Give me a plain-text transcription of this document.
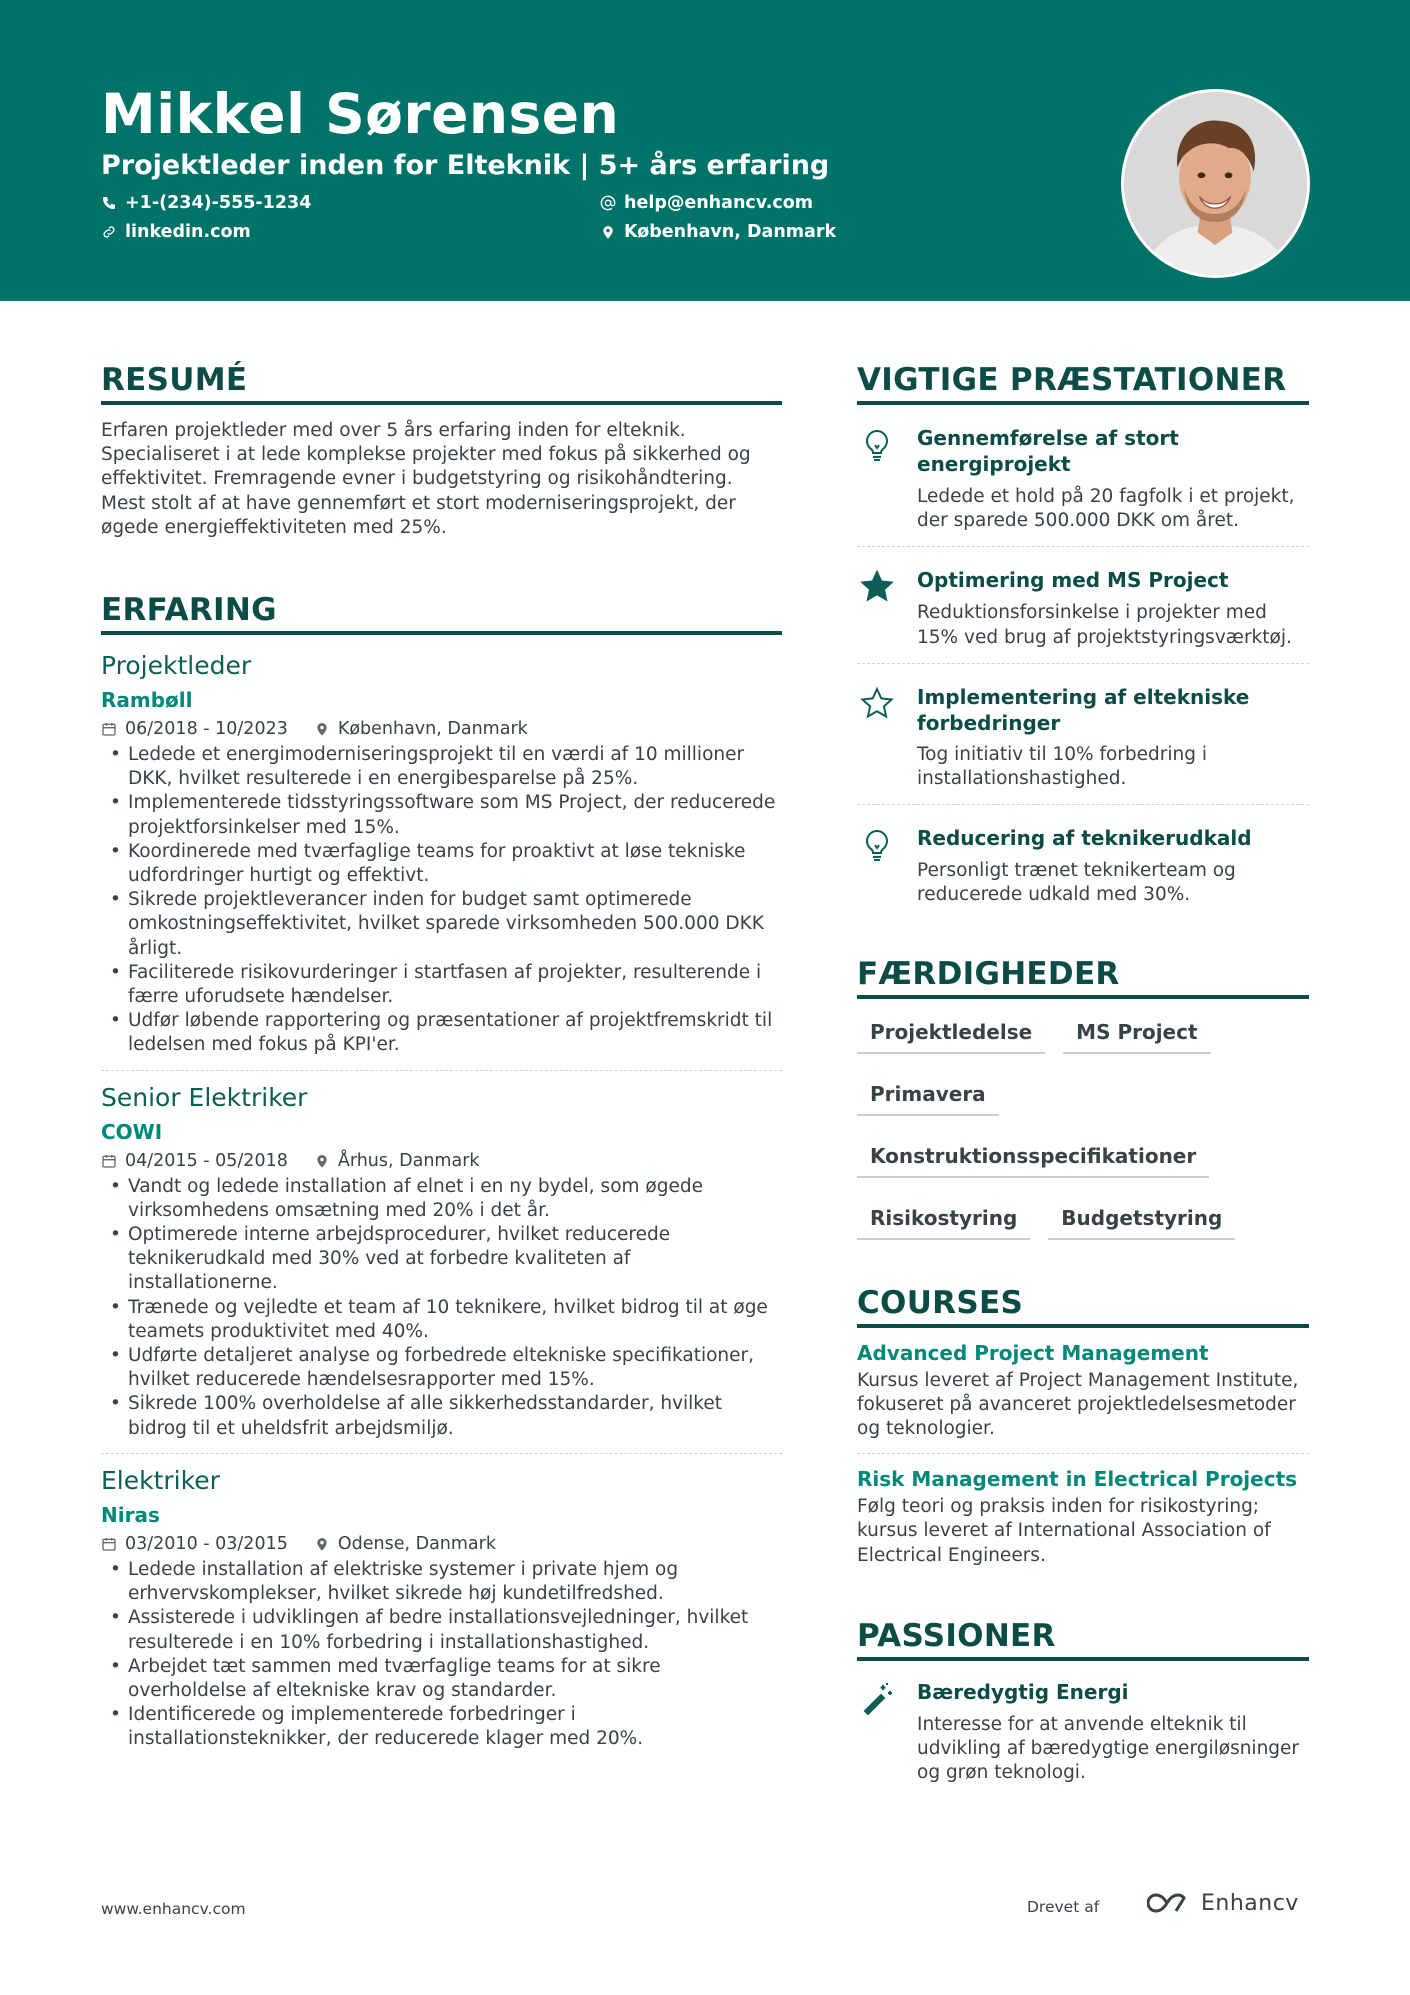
Mikkel Sørensen
Projektleder inden for Elteknik | 5+ års erfaring
+1-(234)-555-1234
linkedin.com
help@enhancv.com
København, Danmark
RESUMÉ

Erfaren projektleder med over 5 års erfaring inden for elteknik. Specialiseret i at lede komplekse projekter med fokus på sikkerhed og effektivitet. Fremragende evner i budgetstyring og risikohåndtering. Mest stolt af at have gennemført et stort moderniseringsprojekt, der øgede energieffektiviteten med 25%.

ERFARING
Projektleder
Rambøll
06/2018 - 10/2023	København, Danmark
• Ledede et energimoderniseringsprojekt til en værdi af 10 millioner DKK, hvilket resulterede i en energibesparelse på 25%.
• Implementerede tidsstyringssoftware som MS Project, der reducerede projektforsinkelser med 15%.
• Koordinerede med tværfaglige teams for proaktivt at løse tekniske udfordringer hurtigt og effektivt.
• Sikrede projektleverancer inden for budget samt optimerede omkostningseffektivitet, hvilket sparede virksomheden 500.000 DKK årligt.
• Faciliterede risikovurderinger i startfasen af projekter, resulterende i færre uforudsete hændelser.
• Udfør løbende rapportering og præsentationer af projektfremskridt til ledelsen med fokus på KPI'er.
Senior Elektriker
COWI
04/2015 - 05/2018	Århus, Danmark
• Vandt og ledede installation af elnet i en ny bydel, som øgede virksomhedens omsætning med 20% i det år.
• Optimerede interne arbejdsprocedurer, hvilket reducerede teknikerudkald med 30% ved at forbedre kvaliteten af installationerne.
• Trænede og vejledte et team af 10 teknikere, hvilket bidrog til at øge teamets produktivitet med 40%.
• Udførte detaljeret analyse og forbedrede eltekniske specifikationer, hvilket reducerede hændelsesrapporter med 15%.
• Sikrede 100% overholdelse af alle sikkerhedsstandarder, hvilket bidrog til et uheldsfrit arbejdsmiljø.
Elektriker
Niras
03/2010 - 03/2015	Odense, Danmark
• Ledede installation af elektriske systemer i private hjem og erhvervskomplekser, hvilket sikrede høj kundetilfredshed.
• Assisterede i udviklingen af bedre installationsvejledninger, hvilket resulterede i en 10% forbedring i installationshastighed.
• Arbejdet tæt sammen med tværfaglige teams for at sikre overholdelse af eltekniske krav og standarder.
• Identificerede og implementerede forbedringer i installationsteknikker, der reducerede klager med 20%.
VIGTIGE PRÆSTATIONER
Gennemførelse af stort energiprojekt
Ledede et hold på 20 fagfolk i et projekt, der sparede 500.000 DKK om året.
Optimering med MS Project
Reduktionsforsinkelse i projekter med 15% ved brug af projektstyringsværktøj.
Implementering af eltekniske forbedringer
Tog initiativ til 10% forbedring i installationshastighed.
Reducering af teknikerudkald
Personligt trænet teknikerteam og reducerede udkald med 30%.
FÆRDIGHEDER
Projektledelse	MS Project
Primavera
Konstruktionsspecifikationer
Risikostyring	Budgetstyring
COURSES
Advanced Project Management
Kursus leveret af Project Management Institute, fokuseret på avanceret projektledelsesmetoder og teknologier.
Risk Management in Electrical Projects
Følg teori og praksis inden for risikostyring; kursus leveret af International Association of Electrical Engineers.
PASSIONER
Bæredygtig Energi
Interesse for at anvende elteknik til udvikling af bæredygtige energiløsninger og grøn teknologi.
www.enhancv.com	Drevet af	Enhancv
